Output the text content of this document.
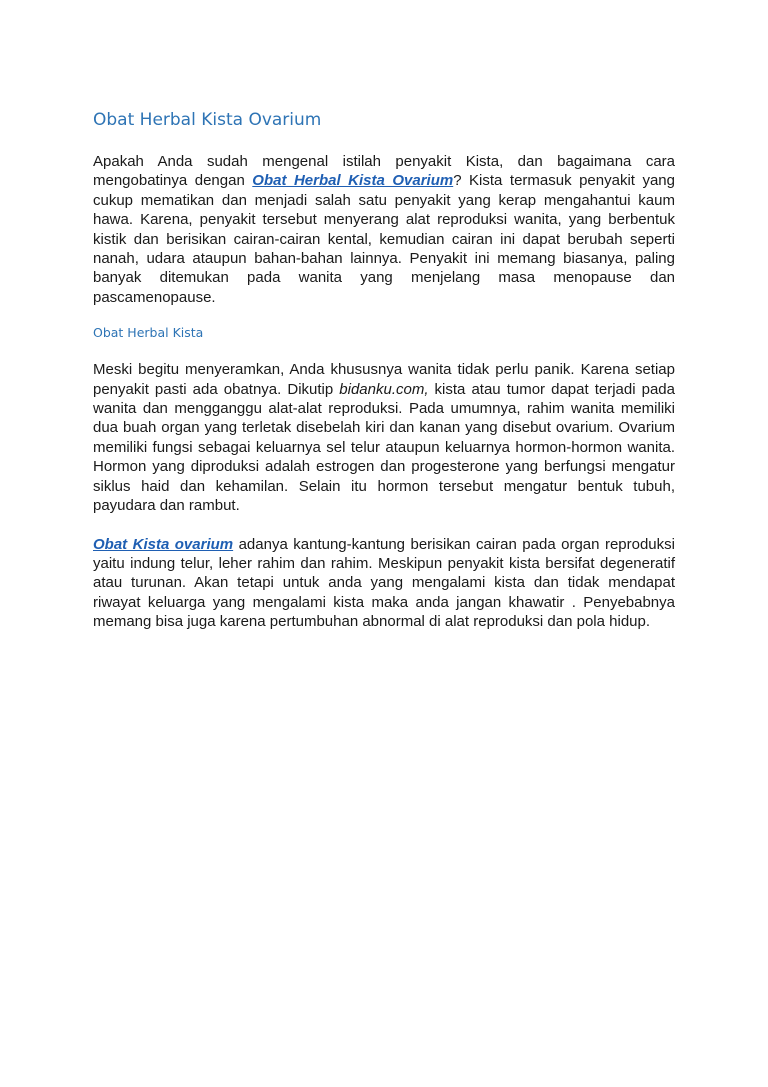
Obat Herbal Kista Ovarium

Apakah Anda sudah mengenal istilah penyakit Kista, dan bagaimana cara mengobatinya dengan Obat Herbal Kista Ovarium? Kista termasuk penyakit yang cukup mematikan dan menjadi salah satu penyakit yang kerap mengahantui kaum hawa. Karena, penyakit tersebut menyerang alat reproduksi wanita, yang berbentuk kistik dan berisikan cairan-cairan kental, kemudian cairan ini dapat berubah seperti nanah, udara ataupun bahan-bahan lainnya. Penyakit ini memang biasanya, paling banyak ditemukan pada wanita yang menjelang masa menopause dan pascamenopause.

Obat Herbal Kista

Meski begitu menyeramkan, Anda khususnya wanita tidak perlu panik. Karena setiap penyakit pasti ada obatnya. Dikutip bidanku.com, kista atau tumor dapat terjadi pada wanita dan mengganggu alat-alat reproduksi. Pada umumnya, rahim wanita memiliki dua buah organ yang terletak disebelah kiri dan kanan yang disebut ovarium. Ovarium memiliki fungsi sebagai keluarnya sel telur ataupun keluarnya hormon-hormon wanita. Hormon yang diproduksi adalah estrogen dan progesterone yang berfungsi mengatur siklus haid dan kehamilan. Selain itu hormon tersebut mengatur bentuk tubuh, payudara dan rambut.

Obat Kista ovarium adanya kantung-kantung berisikan cairan pada organ reproduksi yaitu indung telur, leher rahim dan rahim. Meskipun penyakit kista bersifat degeneratif atau turunan. Akan tetapi untuk anda yang mengalami kista dan tidak mendapat riwayat keluarga yang mengalami kista maka anda jangan khawatir . Penyebabnya memang bisa juga karena pertumbuhan abnormal di alat reproduksi dan pola hidup.
